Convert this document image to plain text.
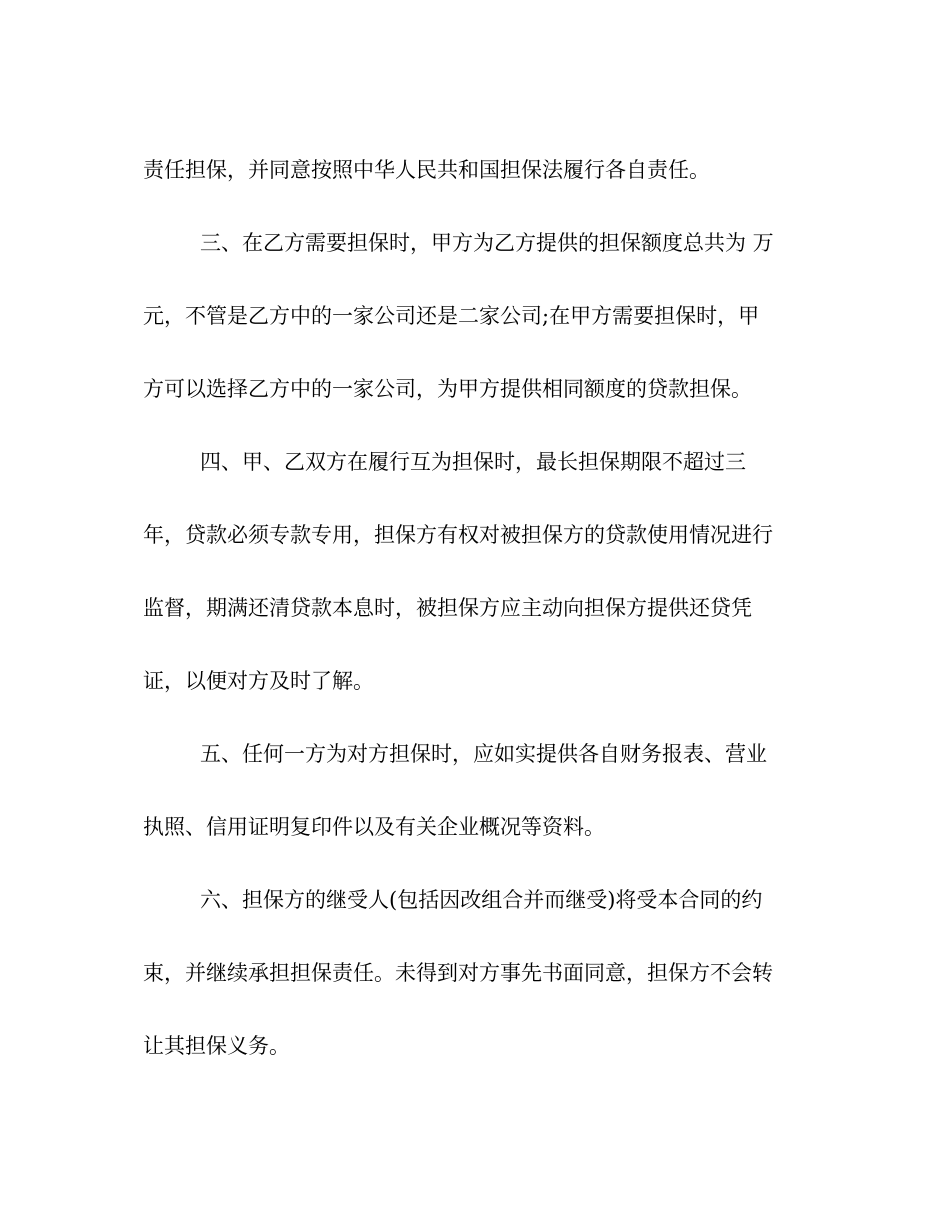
责任担保，并同意按照中华人民共和国担保法履行各自责任。
三、在乙方需要担保时，甲方为乙方提供的担保额度总共为 万
元，不管是乙方中的一家公司还是二家公司;在甲方需要担保时，甲
方可以选择乙方中的一家公司，为甲方提供相同额度的贷款担保。
四、甲、乙双方在履行互为担保时，最长担保期限不超过三
年，贷款必须专款专用，担保方有权对被担保方的贷款使用情况进行
监督，期满还清贷款本息时，被担保方应主动向担保方提供还贷凭
证，以便对方及时了解。
五、任何一方为对方担保时，应如实提供各自财务报表、营业
执照、信用证明复印件以及有关企业概况等资料。
六、担保方的继受人(包括因改组合并而继受)将受本合同的约
束，并继续承担担保责任。未得到对方事先书面同意，担保方不会转
让其担保义务。
